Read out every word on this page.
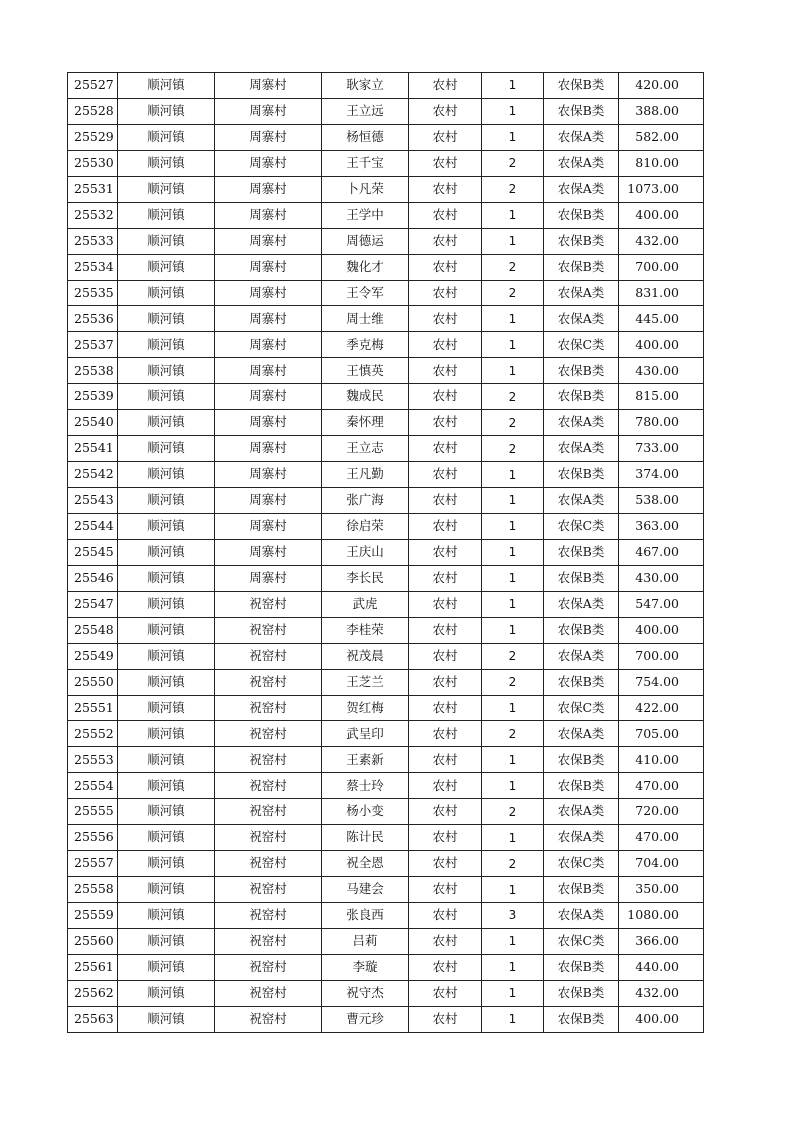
25527	顺河镇	周寨村	耿家立	农村	1	农保B类	420.00
25528	顺河镇	周寨村	王立远	农村	1	农保B类	388.00
25529	顺河镇	周寨村	杨恒德	农村	1	农保A类	582.00
25530	顺河镇	周寨村	王千宝	农村	2	农保A类	810.00
25531	顺河镇	周寨村	卜凡荣	农村	2	农保A类	1073.00
25532	顺河镇	周寨村	王学中	农村	1	农保B类	400.00
25533	顺河镇	周寨村	周德运	农村	1	农保B类	432.00
25534	顺河镇	周寨村	魏化才	农村	2	农保B类	700.00
25535	顺河镇	周寨村	王令军	农村	2	农保A类	831.00
25536	顺河镇	周寨村	周士维	农村	1	农保A类	445.00
25537	顺河镇	周寨村	季克梅	农村	1	农保C类	400.00
25538	顺河镇	周寨村	王慎英	农村	1	农保B类	430.00
25539	顺河镇	周寨村	魏成民	农村	2	农保B类	815.00
25540	顺河镇	周寨村	秦怀理	农村	2	农保A类	780.00
25541	顺河镇	周寨村	王立志	农村	2	农保A类	733.00
25542	顺河镇	周寨村	王凡勤	农村	1	农保B类	374.00
25543	顺河镇	周寨村	张广海	农村	1	农保A类	538.00
25544	顺河镇	周寨村	徐启荣	农村	1	农保C类	363.00
25545	顺河镇	周寨村	王庆山	农村	1	农保B类	467.00
25546	顺河镇	周寨村	李长民	农村	1	农保B类	430.00
25547	顺河镇	祝窑村	武虎	农村	1	农保A类	547.00
25548	顺河镇	祝窑村	李桂荣	农村	1	农保B类	400.00
25549	顺河镇	祝窑村	祝茂晨	农村	2	农保A类	700.00
25550	顺河镇	祝窑村	王芝兰	农村	2	农保B类	754.00
25551	顺河镇	祝窑村	贺红梅	农村	1	农保C类	422.00
25552	顺河镇	祝窑村	武呈印	农村	2	农保A类	705.00
25553	顺河镇	祝窑村	王素新	农村	1	农保B类	410.00
25554	顺河镇	祝窑村	蔡士玲	农村	1	农保B类	470.00
25555	顺河镇	祝窑村	杨小变	农村	2	农保A类	720.00
25556	顺河镇	祝窑村	陈计民	农村	1	农保A类	470.00
25557	顺河镇	祝窑村	祝全恩	农村	2	农保C类	704.00
25558	顺河镇	祝窑村	马建会	农村	1	农保B类	350.00
25559	顺河镇	祝窑村	张良西	农村	3	农保A类	1080.00
25560	顺河镇	祝窑村	吕莉	农村	1	农保C类	366.00
25561	顺河镇	祝窑村	李璇	农村	1	农保B类	440.00
25562	顺河镇	祝窑村	祝守杰	农村	1	农保B类	432.00
25563	顺河镇	祝窑村	曹元珍	农村	1	农保B类	400.00
